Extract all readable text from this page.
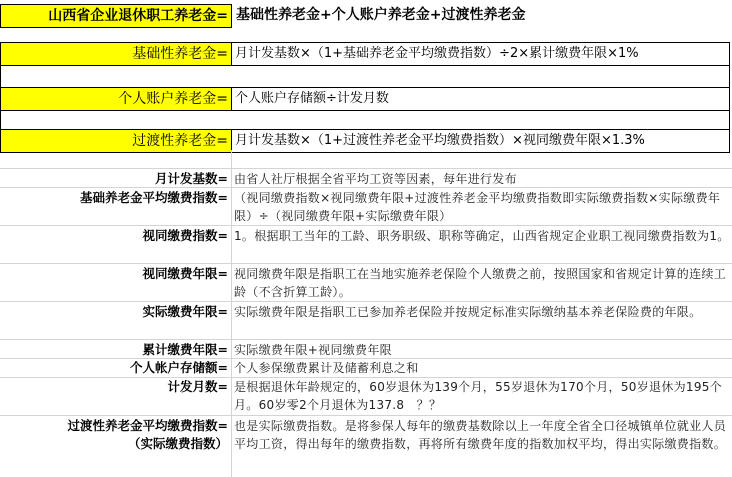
山西省企业退休职工养老金= 基础性养老金+个人账户养老金+过渡性养老金
基础性养老金= 月计发基数×（1+基础养老金平均缴费指数）÷2×累计缴费年限×1%
个人账户养老金= 个人账户存储额÷计发月数
过渡性养老金= 月计发基数×（1+过渡性养老金平均缴费指数）×视同缴费年限×1.3%
月计发基数= 由省人社厅根据全省平均工资等因素，每年进行发布
基础养老金平均缴费指数= （视同缴费指数×视同缴费年限+过渡性养老金平均缴费指数即实际缴费指数×实际缴费年限）÷（视同缴费年限+实际缴费年限）
视同缴费指数= 1。根据职工当年的工龄、职务职级、职称等确定，山西省规定企业职工视同缴费指数为1。
视同缴费年限= 视同缴费年限是指职工在当地实施养老保险个人缴费之前，按照国家和省规定计算的连续工龄（不含折算工龄）。
实际缴费年限= 实际缴费年限是指职工已参加养老保险并按规定标准实际缴纳基本养老保险费的年限。
累计缴费年限= 实际缴费年限+视同缴费年限
个人帐户存储额= 个人参保缴费累计及储蓄利息之和
计发月数= 是根据退休年龄规定的，60岁退休为139个月，55岁退休为170个月，50岁退休为195个月。60岁零2个月退休为137.8　？？
过渡性养老金平均缴费指数=
（实际缴费指数）
也是实际缴费指数。是将参保人每年的缴费基数除以上一年度全省全口径城镇单位就业人员平均工资，得出每年的缴费指数，再将所有缴费年度的指数加权平均，得出实际缴费指数。
